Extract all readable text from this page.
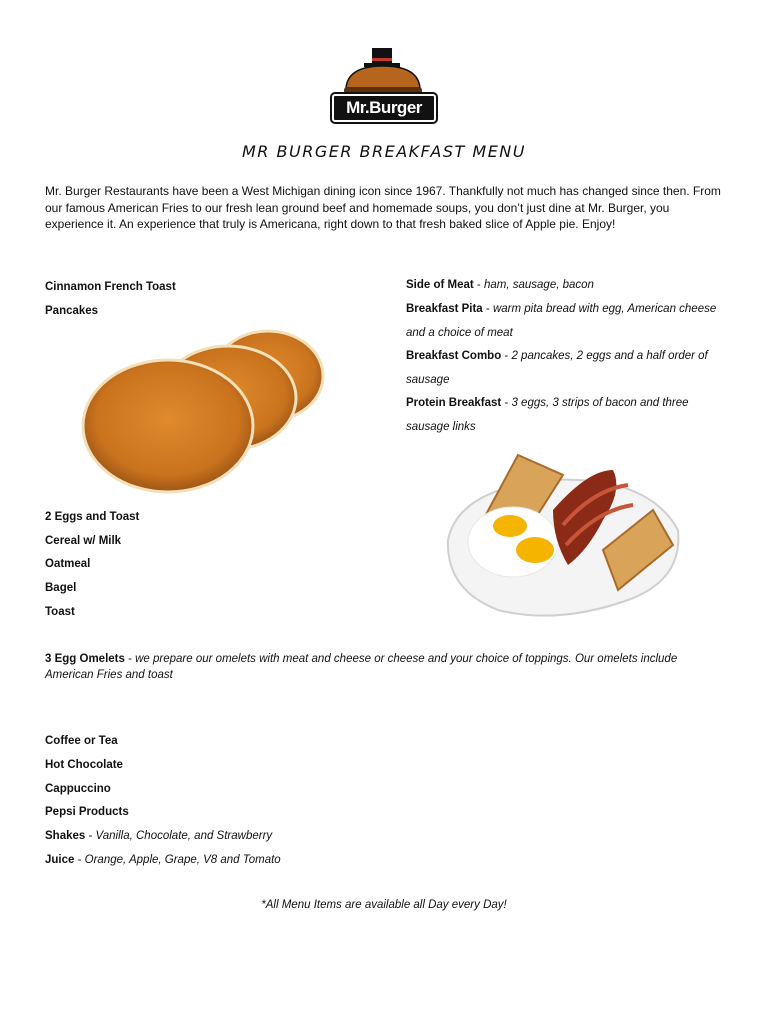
Mr.Burger
MR BURGER BREAKFAST MENU
Mr. Burger Restaurants have been a West Michigan dining icon since 1967. Thankfully not much has changed since then. From our famous American Fries to our fresh lean ground beef and homemade soups, you don’t just dine at Mr. Burger, you experience it. An experience that truly is Americana, right down to that fresh baked slice of Apple pie. Enjoy!
Cinnamon French Toast
Pancakes
2 Eggs and Toast
Cereal w/ Milk
Oatmeal
Bagel
Toast
Side of Meat - ham, sausage, bacon
Breakfast Pita - warm pita bread with egg, American cheese and a choice of meat
Breakfast Combo - 2 pancakes, 2 eggs and a half order of sausage
Protein Breakfast - 3 eggs, 3 strips of bacon and three sausage links
3 Egg Omelets - we prepare our omelets with meat and cheese or cheese and your choice of toppings. Our omelets include American Fries and toast
Coffee or Tea
Hot Chocolate
Cappuccino
Pepsi Products
Shakes - Vanilla, Chocolate, and Strawberry
Juice - Orange, Apple, Grape, V8 and Tomato
*All Menu Items are available all Day every Day!
